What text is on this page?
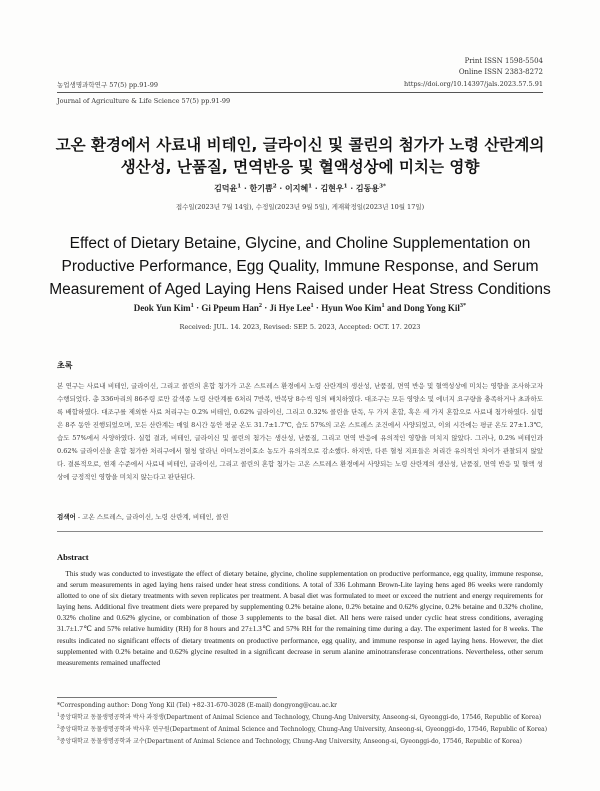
Print ISSN 1598-5504
Online ISSN 2383-8272
농업생명과학연구 57(5) pp.91-99	https://doi.org/10.14397/jals.2023.57.5.91
Journal of Agriculture & Life Science 57(5) pp.91-99
고온 환경에서 사료내 비테인, 글라이신 및 콜린의 첨가가 노령 산란계의
생산성, 난품질, 면역반응 및 혈액성상에 미치는 영향
김덕윤$^1$ · 한기쁨$^2$ · 이지혜$^1$ · 김현우$^1$ · 김동용$^{3*}$
접수일(2023년 7월 14일), 수정일(2023년 9월 5일), 게재확정일(2023년 10월 17일)
Effect of Dietary Betaine, Glycine, and Choline Supplementation on
Productive Performance, Egg Quality, Immune Response, and Serum
Measurement of Aged Laying Hens Raised under Heat Stress Conditions
Deok Yun Kim$^1$ · Gi Ppeum Han$^2$ · Ji Hye Lee$^1$ · Hyun Woo Kim$^1$ and Dong Yong Kil$^{3*}$
Received: JUL. 14. 2023, Revised: SEP. 5. 2023, Accepted: OCT. 17. 2023
초록
본 연구는 사료내 비테인, 글라이신, 그리고 콜린의 혼합 첨가가 고온 스트레스 환경에서 노령 산란계의 생산성, 난품질, 면역 반응 및 혈액성상에 미치는 영향을 조사하고자 수행되었다. 총 336마리의 86주령 로만 갈색종 노령 산란계를 6처리 7반복, 반복당 8수씩 임의 배치하였다. 대조구는 모든 영양소 및 에너지 요구량을 충족하거나 초과하도록 배합하였다. 대조구를 제외한 사료 처리구는 0.2% 비테인, 0.62% 글라이신, 그리고 0.32% 콜린을 단독, 두 가지 혼합, 혹은 세 가지 혼합으로 사료내 첨가하였다. 실험은 8주 동안 진행되었으며, 모든 산란계는 매일 8시간 동안 평균 온도 31.7±1.7℃, 습도 57%의 고온 스트레스 조건에서 사양되었고, 이외 시간에는 평균 온도 27±1.3℃, 습도 57%에서 사양하였다. 실험 결과, 비테인, 글라이신 및 콜린의 첨가는 생산성, 난품질, 그리고 면역 반응에 유의적인 영향을 미치지 않았다. 그러나, 0.2% 비테인과 0.62% 글라이신을 혼합 첨가한 처리구에서 혈청 알라닌 아미노전이효소 농도가 유의적으로 감소했다. 하지만, 다른 혈청 지표들은 처리간 유의적인 차이가 관찰되지 않았다. 결론적으로, 현재 수준에서 사료내 비테인, 글라이신, 그리고 콜린의 혼합 첨가는 고온 스트레스 환경에서 사양되는 노령 산란계의 생산성, 난품질, 면역 반응 및 혈액 성상에 긍정적인 영향을 미치지 않는다고 판단된다.
검색어 - 고온 스트레스, 글라이신, 노령 산란계, 비테인, 콜린
Abstract
This study was conducted to investigate the effect of dietary betaine, glycine, choline supplementation on productive performance, egg quality, immune response, and serum measurements in aged laying hens raised under heat stress conditions. A total of 336 Lohmann Brown-Lite laying hens aged 86 weeks were randomly allotted to one of six dietary treatments with seven replicates per treatment. A basal diet was formulated to meet or exceed the nutrient and energy requirements for laying hens. Additional five treatment diets were prepared by supplementing 0.2% betaine alone, 0.2% betaine and 0.62% glycine, 0.2% betaine and 0.32% choline, 0.32% choline and 0.62% glycine, or combination of those 3 supplements to the basal diet. All hens were raised under cyclic heat stress conditions, averaging 31.7±1.7℃ and 57% relative humidity (RH) for 8 hours and 27±1.3℃ and 57% RH for the remaining time during a day. The experiment lasted for 8 weeks. The results indicated no significant effects of dietary treatments on productive performance, egg quality, and immune response in aged laying hens. However, the diet supplemented with 0.2% betaine and 0.62% glycine resulted in a significant decrease in serum alanine aminotransferase concentrations. Nevertheless, other serum measurements remained unaffected
*Corresponding author: Dong Yong Kil (Tel) +82-31-670-3028 (E-mail) dongyong@cau.ac.kr
$^1$중앙대학교 동물생명공학과 박사 과정생(Department of Animal Science and Technology, Chung-Ang University, Anseong-si, Gyeonggi-do, 17546, Republic of Korea)
$^2$중앙대학교 동물생명공학과 박사후 연구원(Department of Animal Science and Technology, Chung-Ang University, Anseong-si, Gyeonggi-do, 17546, Republic of Korea)
$^3$중앙대학교 동물생명공학과 교수(Department of Animal Science and Technology, Chung-Ang University, Anseong-si, Gyeonggi-do, 17546, Republic of Korea)
